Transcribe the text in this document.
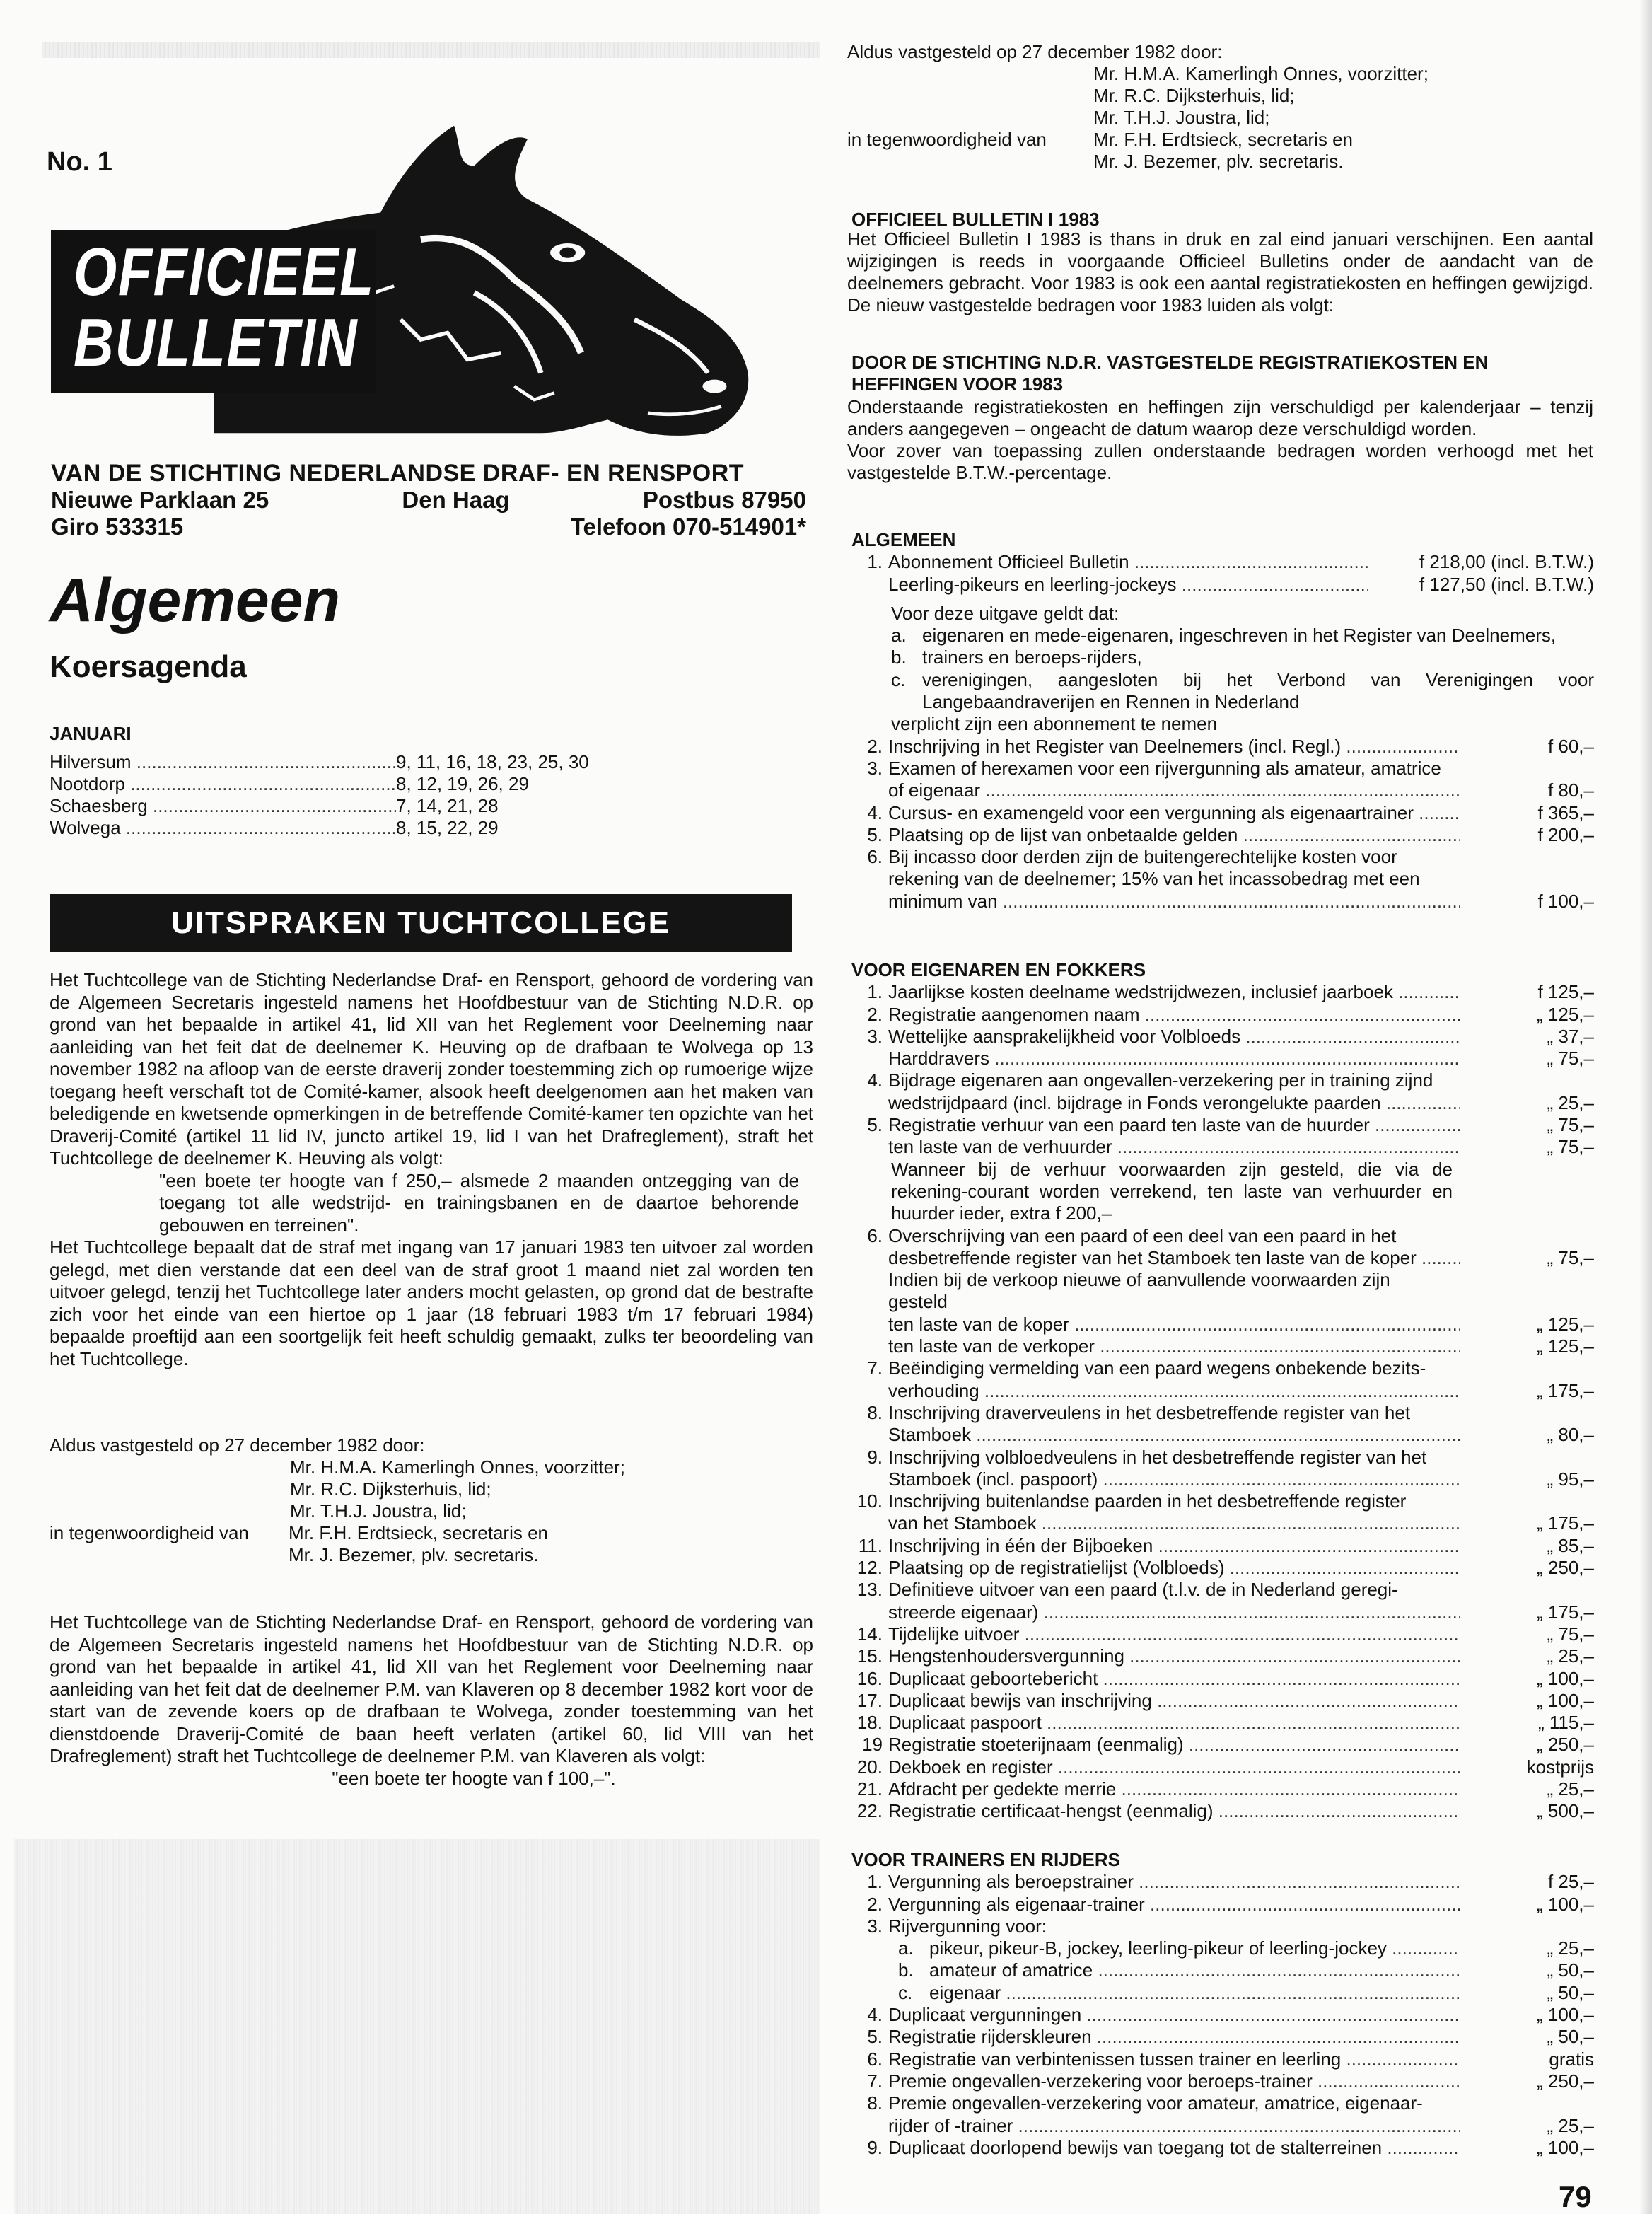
No. 1
OFFICIEEL
BULLETIN
VAN DE STICHTING NEDERLANDSE DRAF- EN RENSPORT
Nieuwe Parklaan 25	Den Haag	Postbus 87950
Giro 533315	Telefoon 070-514901*
Algemeen
Koersagenda
JANUARI
Hilversum .....	9, 11, 16, 18, 23, 25, 30
Nootdorp .....	8, 12, 19, 26, 29
Schaesberg .....	7, 14, 21, 28
Wolvega .....	8, 15, 22, 29
UITSPRAKEN TUCHTCOLLEGE
Het Tuchtcollege van de Stichting Nederlandse Draf- en Rensport, gehoord de vordering van de Algemeen Secretaris ingesteld namens het Hoofdbestuur van de Stichting N.D.R. op grond van het bepaalde in artikel 41, lid XII van het Reglement voor Deelneming naar aanleiding van het feit dat de deelnemer K. Heuving op de drafbaan te Wolvega op 13 november 1982 na afloop van de eerste draverij zonder toestemming zich op rumoerige wijze toegang heeft verschaft tot de Comité-kamer, alsook heeft deelgenomen aan het maken van beledigende en kwetsende opmerkingen in de betreffende Comité-kamer ten opzichte van het Draverij-Comité (artikel 11 lid IV, juncto artikel 19, lid I van het Drafreglement), straft het Tuchtcollege de deelnemer K. Heuving als volgt:
"een boete ter hoogte van f 250,– alsmede 2 maanden ontzegging van de toegang tot alle wedstrijd- en trainingsbanen en de daartoe behorende gebouwen en terreinen".
Het Tuchtcollege bepaalt dat de straf met ingang van 17 januari 1983 ten uitvoer zal worden gelegd, met dien verstande dat een deel van de straf groot 1 maand niet zal worden ten uitvoer gelegd, tenzij het Tuchtcollege later anders mocht gelasten, op grond dat de bestrafte zich voor het einde van een hiertoe op 1 jaar (18 februari 1983 t/m 17 februari 1984) bepaalde proeftijd aan een soortgelijk feit heeft schuldig gemaakt, zulks ter beoordeling van het Tuchtcollege.
Aldus vastgesteld op 27 december 1982 door:
Mr. H.M.A. Kamerlingh Onnes, voorzitter;
Mr. R.C. Dijksterhuis, lid;
Mr. T.H.J. Joustra, lid;
in tegenwoordigheid van	Mr. F.H. Erdtsieck, secretaris en
Mr. J. Bezemer, plv. secretaris.
Het Tuchtcollege van de Stichting Nederlandse Draf- en Rensport, gehoord de vordering van de Algemeen Secretaris ingesteld namens het Hoofdbestuur van de Stichting N.D.R. op grond van het bepaalde in artikel 41, lid XII van het Reglement voor Deelneming naar aanleiding van het feit dat de deelnemer P.M. van Klaveren op 8 december 1982 kort voor de start van de zevende koers op de drafbaan te Wolvega, zonder toestemming van het dienstdoende Draverij-Comité de baan heeft verlaten (artikel 60, lid VIII van het Drafreglement) straft het Tuchtcollege de deelnemer P.M. van Klaveren als volgt:
"een boete ter hoogte van f 100,–".
Aldus vastgesteld op 27 december 1982 door:
Mr. H.M.A. Kamerlingh Onnes, voorzitter;
Mr. R.C. Dijksterhuis, lid;
Mr. T.H.J. Joustra, lid;
in tegenwoordigheid van	Mr. F.H. Erdtsieck, secretaris en
Mr. J. Bezemer, plv. secretaris.
OFFICIEEL BULLETIN I 1983
Het Officieel Bulletin I 1983 is thans in druk en zal eind januari verschijnen. Een aantal wijzigingen is reeds in voorgaande Officieel Bulletins onder de aandacht van de deelnemers gebracht. Voor 1983 is ook een aantal registratiekosten en heffingen gewijzigd. De nieuw vastgestelde bedragen voor 1983 luiden als volgt:
DOOR DE STICHTING N.D.R. VASTGESTELDE REGISTRATIEKOSTEN EN
HEFFINGEN VOOR 1983
Onderstaande registratiekosten en heffingen zijn verschuldigd per kalenderjaar – tenzij anders aangegeven – ongeacht de datum waarop deze verschuldigd worden.
Voor zover van toepassing zullen onderstaande bedragen worden verhoogd met het vastgestelde B.T.W.-percentage.
ALGEMEEN
1. Abonnement Officieel Bulletin .....	f 218,00 (incl. B.T.W.)
Leerling-pikeurs en leerling-jockeys .....	f 127,50 (incl. B.T.W.)
Voor deze uitgave geldt dat:
a. eigenaren en mede-eigenaren, ingeschreven in het Register van Deelnemers,
b. trainers en beroeps-rijders,
c. verenigingen, aangesloten bij het Verbond van Verenigingen voor Langebaandraverijen en Rennen in Nederland
verplicht zijn een abonnement te nemen
2. Inschrijving in het Register van Deelnemers (incl. Regl.) .....	f 60,–
3. Examen of herexamen voor een rijvergunning als amateur, amatrice
of eigenaar .....	f 80,–
4. Cursus- en examengeld voor een vergunning als eigenaartrainer .....	f 365,–
5. Plaatsing op de lijst van onbetaalde gelden .....	f 200,–
6. Bij incasso door derden zijn de buitengerechtelijke kosten voor
rekening van de deelnemer; 15% van het incassobedrag met een
minimum van .....	f 100,–
VOOR EIGENAREN EN FOKKERS
1. Jaarlijkse kosten deelname wedstrijdwezen, inclusief jaarboek .....	f 125,–
2. Registratie aangenomen naam .....	„ 125,–
3. Wettelijke aansprakelijkheid voor Volbloeds .....	„ 37,–
Harddravers .....	„ 75,–
4. Bijdrage eigenaren aan ongevallen-verzekering per in training zijnd
wedstrijdpaard (incl. bijdrage in Fonds verongelukte paarden .....	„ 25,–
5. Registratie verhuur van een paard ten laste van de huurder .....	„ 75,–
ten laste van de verhuurder .....	„ 75,–
Wanneer bij de verhuur voorwaarden zijn gesteld, die via de rekening-courant worden verrekend, ten laste van verhuurder en huurder ieder, extra f 200,–
6. Overschrijving van een paard of een deel van een paard in het
desbetreffende register van het Stamboek ten laste van de koper .....	„ 75,–
Indien bij de verkoop nieuwe of aanvullende voorwaarden zijn
gesteld
ten laste van de koper .....	„ 125,–
ten laste van de verkoper .....	„ 125,–
7. Beëindiging vermelding van een paard wegens onbekende bezits-
verhouding .....	„ 175,–
8. Inschrijving draverveulens in het desbetreffende register van het
Stamboek .....	„ 80,–
9. Inschrijving volbloedveulens in het desbetreffende register van het
Stamboek (incl. paspoort) .....	„ 95,–
10. Inschrijving buitenlandse paarden in het desbetreffende register
van het Stamboek .....	„ 175,–
11. Inschrijving in één der Bijboeken .....	„ 85,–
12. Plaatsing op de registratielijst (Volbloeds) .....	„ 250,–
13. Definitieve uitvoer van een paard (t.l.v. de in Nederland geregi-
streerde eigenaar) .....	„ 175,–
14. Tijdelijke uitvoer .....	„ 75,–
15. Hengstenhoudersvergunning .....	„ 25,–
16. Duplicaat geboortebericht .....	„ 100,–
17. Duplicaat bewijs van inschrijving .....	„ 100,–
18. Duplicaat paspoort .....	„ 115,–
19 Registratie stoeterijnaam (eenmalig) .....	„ 250,–
20. Dekboek en register .....	kostprijs
21. Afdracht per gedekte merrie .....	„ 25,–
22. Registratie certificaat-hengst (eenmalig) .....	„ 500,–
VOOR TRAINERS EN RIJDERS
1. Vergunning als beroepstrainer .....	f 25,–
2. Vergunning als eigenaar-trainer .....	„ 100,–
3. Rijvergunning voor:
a. pikeur, pikeur-B, jockey, leerling-pikeur of leerling-jockey .....	„ 25,–
b. amateur of amatrice .....	„ 50,–
c. eigenaar .....	„ 50,–
4. Duplicaat vergunningen .....	„ 100,–
5. Registratie rijderskleuren .....	„ 50,–
6. Registratie van verbintenissen tussen trainer en leerling .....	gratis
7. Premie ongevallen-verzekering voor beroeps-trainer .....	„ 250,–
8. Premie ongevallen-verzekering voor amateur, amatrice, eigenaar-
rijder of -trainer .....	„ 25,–
9. Duplicaat doorlopend bewijs van toegang tot de stalterreinen .....	„ 100,–
79
